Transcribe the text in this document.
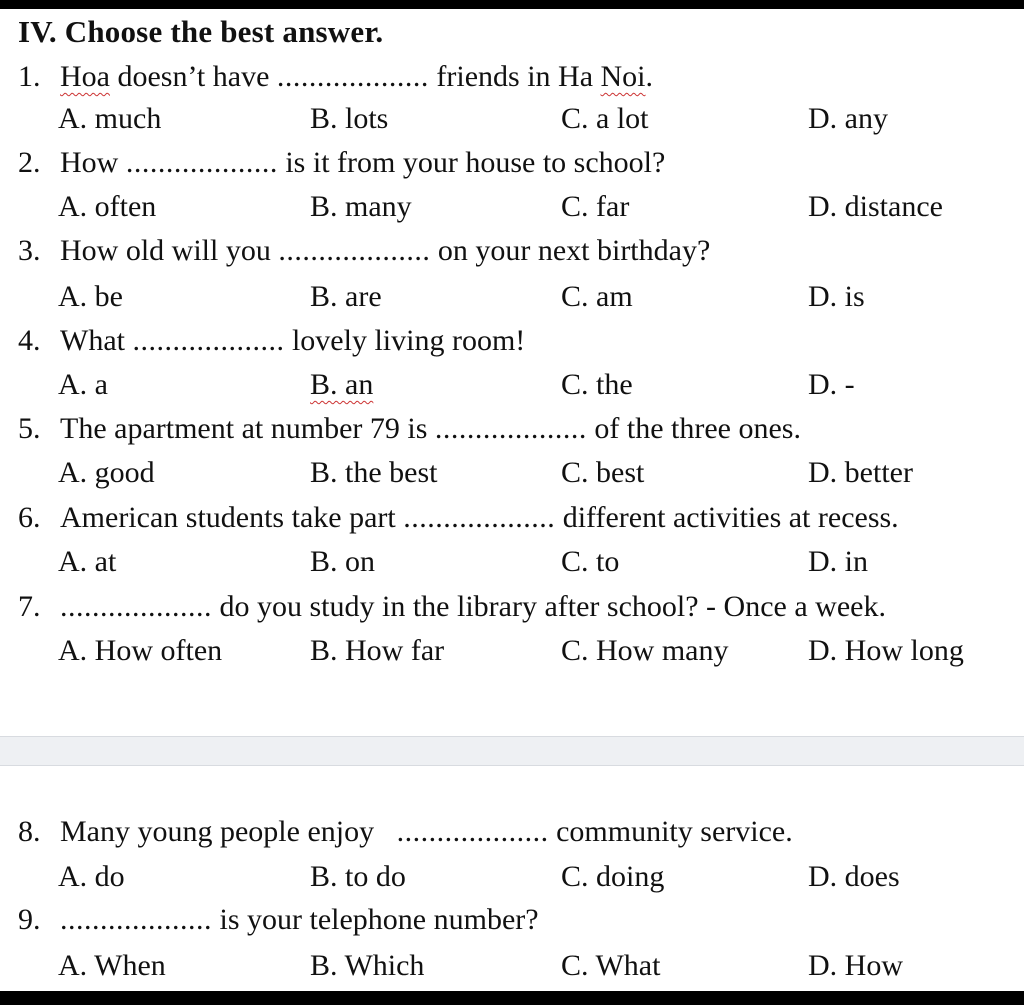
IV. Choose the best answer.
1. Hoa doesn’t have ................... friends in Ha Noi.
A. much	B. lots	C. a lot	D. any
2. How ................... is it from your house to school?
A. often	B. many	C. far	D. distance
3. How old will you ................... on your next birthday?
A. be	B. are	C. am	D. is
4. What ................... lovely living room!
A. a	B. an	C. the	D. -
5. The apartment at number 79 is ................... of the three ones.
A. good	B. the best	C. best	D. better
6. American students take part ................... different activities at recess.
A. at	B. on	C. to	D. in
7. ................... do you study in the library after school? - Once a week.
A. How often	B. How far	C. How many	D. How long
8. Many young people enjoy   ................... community service.
A. do	B. to do	C. doing	D. does
9. ................... is your telephone number?
A. When	B. Which	C. What	D. How
